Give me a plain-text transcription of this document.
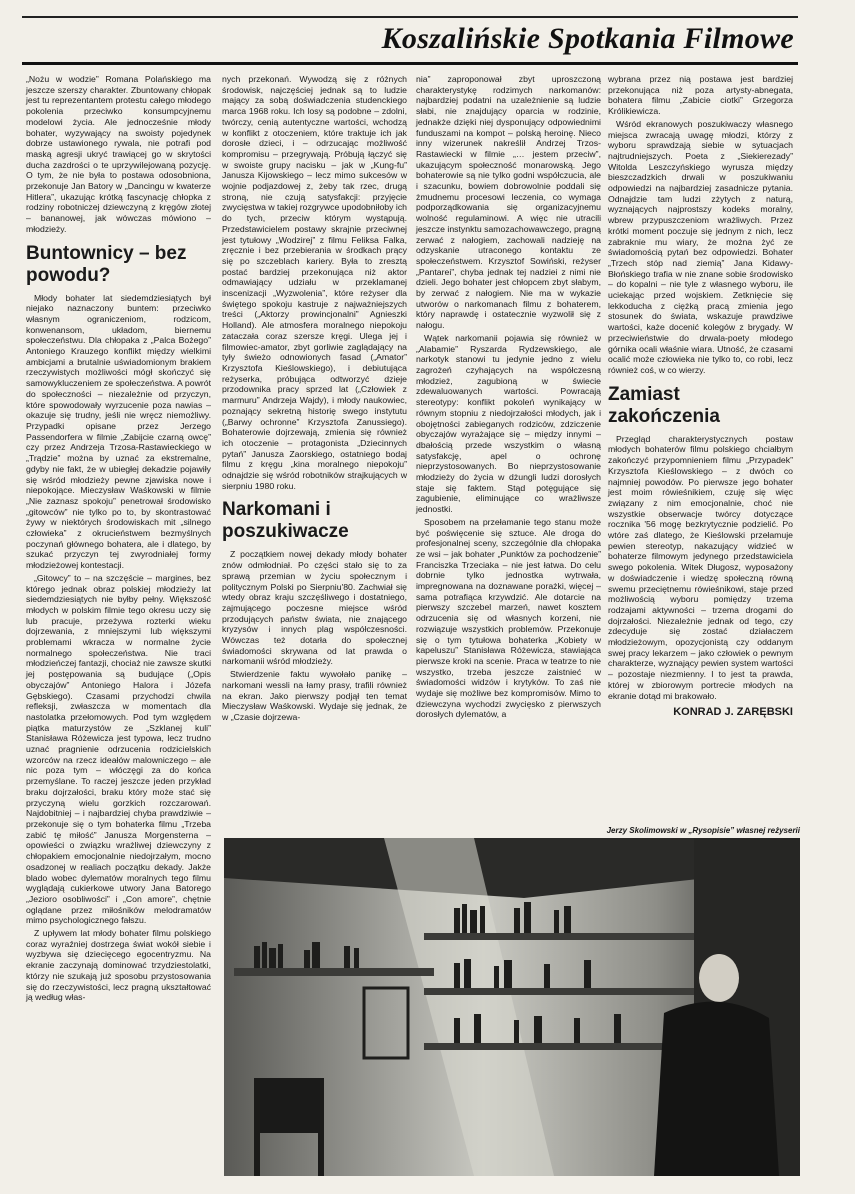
Koszalińskie Spotkania Filmowe

„Nożu w wodzie” Romana Polańskiego ma jeszcze szerszy charakter. Zbuntowany chłopak jest tu reprezentantem protestu całego młodego pokolenia przeciwko konsumpcyjnemu modelowi życia. Ale jednocześnie młody bohater, wyzywający na swoisty pojedynek dobrze ustawionego rywala, nie potrafi pod maską agresji ukryć trawiącej go w skrytości ducha zazdrości o te uprzywilejowaną pozycję. O tym, że nie była to postawa odosobniona, przekonuje Jan Batory w „Dancingu w kwaterze Hitlera”, ukazując krótką fascynację chłopka z rodziny robotniczej dziewczyną z kręgów złotej – bananowej, jak wówczas mówiono – młodzieży.

Buntownicy – bez powodu?

Młody bohater lat siedemdziesiątych był niejako naznaczony buntem: przeciwko własnym ograniczeniom, rodzicom, konwenansom, układom, biernemu społeczeństwu. Dla chłopaka z „Palca Bożego” Antoniego Krauzego konflikt między wielkimi ambicjami a brutalnie uświadomionym brakiem rzeczywistych możliwości mógł skończyć się samowykluczeniem ze społeczeństwa. A powrót do społeczności – niezależnie od przyczyn, które spowodowały wyrzucenie poza nawias – okazuje się trudny, jeśli nie wręcz niemożliwy. Przypadki opisane przez Jerzego Passendorfera w filmie „Zabijcie czarną owcę” czy przez Andrzeja Trzosa-Rastawieckiego w „Trądzie” można by uznać za ekstremalne, gdyby nie fakt, że w ubiegłej dekadzie pojawiły się wśród młodzieży pewne zjawiska nowe i niepokojące. Mieczysław Waśkowski w filmie „Nie zaznasz spokoju” penetrował środowisko „gitowców” nie tylko po to, by skontrastować żywy w niektórych środowiskach mit „silnego człowieka” z okrucieństwem bezmyślnych poczynań głównego bohatera, ale i dlatego, by szukać przyczyn tej zwyrodniałej formy młodzieżowej kontestacji.

„Gitowcy” to – na szczęście – margines, bez którego jednak obraz polskiej młodzieży lat siedemdziesiątych nie byłby pełny. Większość młodych w polskim filmie tego okresu uczy się lub pracuje, przeżywa rozterki wieku dojrzewania, z mniejszymi lub większymi problemami wkracza w normalne życie normalnego społeczeństwa. Nie traci młodzieńczej fantazji, chociaż nie zawsze skutki jej postępowania są budujące („Opis obyczajów” Antoniego Halora i Józefa Gębskiego). Czasami przychodzi chwila refleksji, zwłaszcza w momentach dla nastolatka przełomowych. Pod tym względem piątka maturzystów ze „Szklanej kuli” Stanisława Różewicza jest typowa, lecz trudno uznać pragnienie odrzucenia rodzicielskich wzorców na rzecz ideałów malowniczego – ale nic poza tym – włóczęgi za do końca przemyślane. To raczej jeszcze jeden przykład braku dojrzałości, braku który może stać się przyczyną wielu gorzkich rozczarowań. Najdobitniej – i najbardziej chyba prawdziwie – przekonuje się o tym bohaterka filmu „Trzeba zabić tę miłość” Janusza Morgensterna – opowieści o związku wrażliwej dziewczyny z chłopakiem emocjonalnie niedojrzałym, mocno osadzonej w realiach początku dekady. Jakże blado wobec dylematów moralnych tego filmu wyglądają cukierkowe utwory Jana Batorego „Jezioro osobliwości” i „Con amore”, chętnie oglądane przez miłośników melodramatów mimo psychologicznego fałszu.

Z upływem lat młody bohater filmu polskiego coraz wyraźniej dostrzega świat wokół siebie i wyzbywa się dziecięcego egocentryzmu. Na ekranie zaczynają dominować trzydziestolatki, którzy nie szukają już sposobu przystosowania się do rzeczywistości, lecz pragną ukształtować ją według włas-

nych przekonań. Wywodzą się z różnych środowisk, najczęściej jednak są to ludzie mający za sobą doświadczenia studenckiego marca 1968 roku. Ich losy są podobne – zdolni, twórczy, cenią autentyczne wartości, wchodzą w konflikt z otoczeniem, które traktuje ich jak dorosłe dzieci, i – odrzucając możliwość kompromisu – przegrywają. Próbują łączyć się w swoiste grupy nacisku – jak w „Kung-fu” Janusza Kijowskiego – lecz mimo sukcesów w wojnie podjazdowej z, żeby tak rzec, drugą stroną, nie czują satysfakcji: przyjęcie zwycięstwa w takiej rozgrywce upodobniłoby ich do tych, przeciw którym wystąpują. Przedstawicielem postawy skrajnie przeciwnej jest tytułowy „Wodzirej” z filmu Feliksa Falka, zręcznie i bez przebierania w środkach prący się po szczeblach kariery. Była to zresztą postać bardziej przekonująca niż aktor odmawiający udziału w przeklamanej inscenizacji „Wyzwolenia”, które reżyser dla świętego spokoju kastruje z najważniejszych treści („Aktorzy prowincjonalni” Agnieszki Holland). Ale atmosfera moralnego niepokoju zataczała coraz szersze kręgi. Ulega jej i filmowiec-amator, zbyt gorliwie zaglądający na tyły świeżo odnowionych fasad („Amator” Krzysztofa Kieślowskiego), i debiutująca reżyserka, próbująca odtworzyć dzieje przodownika pracy sprzed lat („Człowiek z marmuru” Andrzeja Wajdy), i młody naukowiec, poznający sekretną historię swego instytutu („Barwy ochronne” Krzysztofa Zanussiego). Bohaterowie dojrzewają, zmienia się również ich otoczenie – protagonista „Dziecinnych pytań” Janusza Zaorskiego, ostatniego bodaj filmu z kręgu „kina moralnego niepokoju” odnajdzie się wśród robotników strajkujących w sierpniu 1980 roku.

Narkomani i poszukiwacze

Z początkiem nowej dekady młody bohater znów odmłodniał. Po części stało się to za sprawą przemian w życiu społecznym i politycznym Polski po Sierpniu'80. Zachwiał się wtedy obraz kraju szczęśliwego i dostatniego, zajmującego poczesne miejsce wśród przodujących państw świata, nie znającego kryzysów i innych plag współczesności. Wówczas też dotarła do społecznej świadomości skrywana od lat prawda o narkomanii wśród młodzieży.

Stwierdzenie faktu wywołało panikę – narkomani wessli na łamy prasy, trafili również na ekran. Jako pierwszy podjął ten temat Mieczysław Waśkowski. Wydaje się jednak, że w „Czasie dojrzewa-

nia” zaproponował zbyt uproszczoną charakterystykę rodzimych narkomanów: najbardziej podatni na uzależnienie są ludzie słabi, nie znajdujący oparcia w rodzinie, jednakże dzięki niej dysponujący odpowiednimi funduszami na kompot – polską heroinę. Nieco inny wizerunek nakreślił Andrzej Trzos-Rastawiecki w filmie „… jestem przeciw”, ukazującym społeczność monarowską. Jego bohaterowie są nie tylko godni współczucia, ale i szacunku, bowiem dobrowolnie poddali się żmudnemu procesowi leczenia, co wymaga podporządkowania się organizacyjnemu wolność regulaminowi. A więc nie utracili jeszcze instynktu samozachowawczego, pragną zerwać z nałogiem, zachowali nadzieję na odzyskanie utraconego kontaktu ze społeczeństwem. Krzysztof Sowiński, reżyser „Pantarei”, chyba jednak tej nadziei z nimi nie dzieli. Jego bohater jest chłopcem zbyt słabym, by zerwać z nałogiem. Nie ma w wykazie utworów o narkomanach filmu z bohaterem, który naprawdę i ostatecznie wyzwolił się z nałogu.

Wątek narkomanii pojawia się również w „Alabamie” Ryszarda Rydzewskiego, ale narkotyk stanowi tu jedynie jedno z wielu zagrożeń czyhających na współczesną młodzież, zagubioną w świecie zdewaluowanych wartości. Powracają stereotypy: konflikt pokoleń wynikający w równym stopniu z niedojrzałości młodych, jak i obojętności zabieganych rodziców, zdziczenie obyczajów wyrażające się – między innymi – dbałością przede wszystkim o własną satysfakcję, apel o ochronę nieprzystosowanych. Bo nieprzystosowanie młodzieży do życia w dżungli ludzi dorosłych staje się faktem. Stąd potęgujące się zagubienie, eliminujące co wrażliwsze jednostki.

Sposobem na przełamanie tego stanu może być poświęcenie się sztuce. Ale droga do profesjonalnej sceny, szczególnie dla chłopaka ze wsi – jak bohater „Punktów za pochodzenie” Franciszka Trzeciaka – nie jest łatwa. Do celu dobrnie tylko jednostka wytrwała, impregnowana na doznawane porażki, więcej – sama potrafiąca krzywdzić. Ale dotarcie na pierwszy szczebel marzeń, nawet kosztem odrzucenia się od własnych korzeni, nie rozwiązuje wszystkich problemów. Przekonuje się o tym tytułowa bohaterka „Kobiety w kapeluszu” Stanisława Różewicza, stawiająca pierwsze kroki na scenie. Praca w teatrze to nie wszystko, trzeba jeszcze zaistnieć w świadomości widzów i krytyków. To zaś nie wydaje się możliwe bez kompromisów. Mimo to dziewczyna wychodzi zwycięsko z pierwszych dorosłych dylematów, a

wybrana przez nią postawa jest bardziej przekonująca niż poza artysty-abnegata, bohatera filmu „Zabicie ciotki” Grzegorza Królikiewicza.

Wśród ekranowych poszukiwaczy własnego miejsca zwracają uwagę młodzi, którzy z wyboru sprawdzają siebie w sytuacjach najtrudniejszych. Poeta z „Siekierezady” Witolda Leszczyńskiego wyrusza między bieszczadzkich drwali w poszukiwaniu odpowiedzi na najbardziej zasadnicze pytania. Odnajdzie tam ludzi zżytych z naturą, wyznających najprostszy kodeks moralny, wbrew przypuszczeniom wrażliwych. Przez krótki moment poczuje się jednym z nich, lecz zabraknie mu wiary, że można żyć ze świadomością pytań bez odpowiedzi. Bohater „Trzech stóp nad ziemią” Jana Kidawy-Błońskiego trafia w nie znane sobie środowisko – do kopalni – nie tyle z własnego wyboru, ile uciekając przed wojskiem. Zetknięcie się lekkoducha z ciężką pracą zmienia jego stosunek do świata, wskazuje prawdziwe wartości, każe docenić kolegów z brygady. W przeciwieństwie do drwala-poety młodego górnika ocali właśnie wiara. Utność, że czasami ocalić może człowieka nie tylko to, co robi, lecz również coś, w co wierzy.

Zamiast zakończenia

Przegląd charakterystycznych postaw młodych bohaterów filmu polskiego chciałbym zakończyć przypomnieniem filmu „Przypadek” Krzysztofa Kieślowskiego – z dwóch co najmniej powodów. Po pierwsze jego bohater jest moim rówieśnikiem, czuję się więc związany z nim emocjonalnie, choć nie wszystkie obserwacje twórcy dotyczące rocznika '56 mogę bezkrytycznie podzielić. Po wtóre zaś dlatego, że Kieślowski przełamuje pewien stereotyp, nakazujący widzieć w bohaterze filmowym jedynego przedstawiciela swego pokolenia. Witek Długosz, wyposażony w doświadczenie i wiedzę społeczną równą swemu przeciętnemu rówieśnikowi, staje przed możliwością wyboru pomiędzy trzema rodzajami aktywności – trzema drogami do dojrzałości. Niezależnie jednak od tego, czy zdecyduje się zostać działaczem młodzieżowym, opozycjonistą czy oddanym swej pracy lekarzem – jako człowiek o pewnym charakterze, wyznający pewien system wartości – pozostaje niezmienny. I to jest ta prawda, której w zbiorowym portrecie młodych na ekranie dotąd mi brakowało.

KONRAD J. ZARĘBSKI
Jerzy Skolimowski w „Rysopisie” własnej reżyserii
